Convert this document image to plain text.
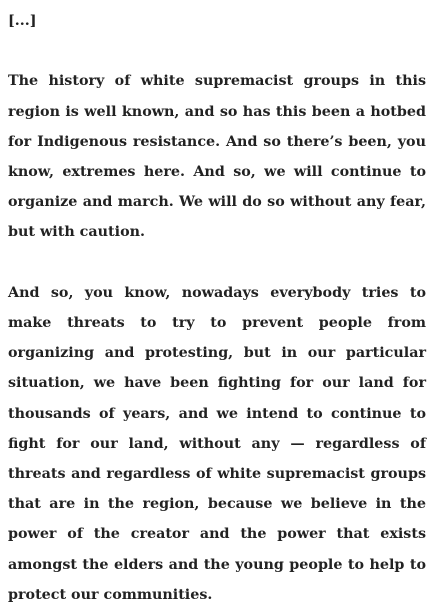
[...]

The history of white supremacist groups in this region is well known, and so has this been a hotbed for Indigenous resistance. And so there’s been, you know, extremes here. And so, we will continue to organize and march. We will do so without any fear, but with caution.

And so, you know, nowadays everybody tries to make threats to try to prevent people from organizing and protesting, but in our particular situation, we have been fighting for our land for thousands of years, and we intend to continue to fight for our land, without any — regardless of threats and regardless of white supremacist groups that are in the region, because we believe in the power of the creator and the power that exists amongst the elders and the young people to help to protect our communities.
